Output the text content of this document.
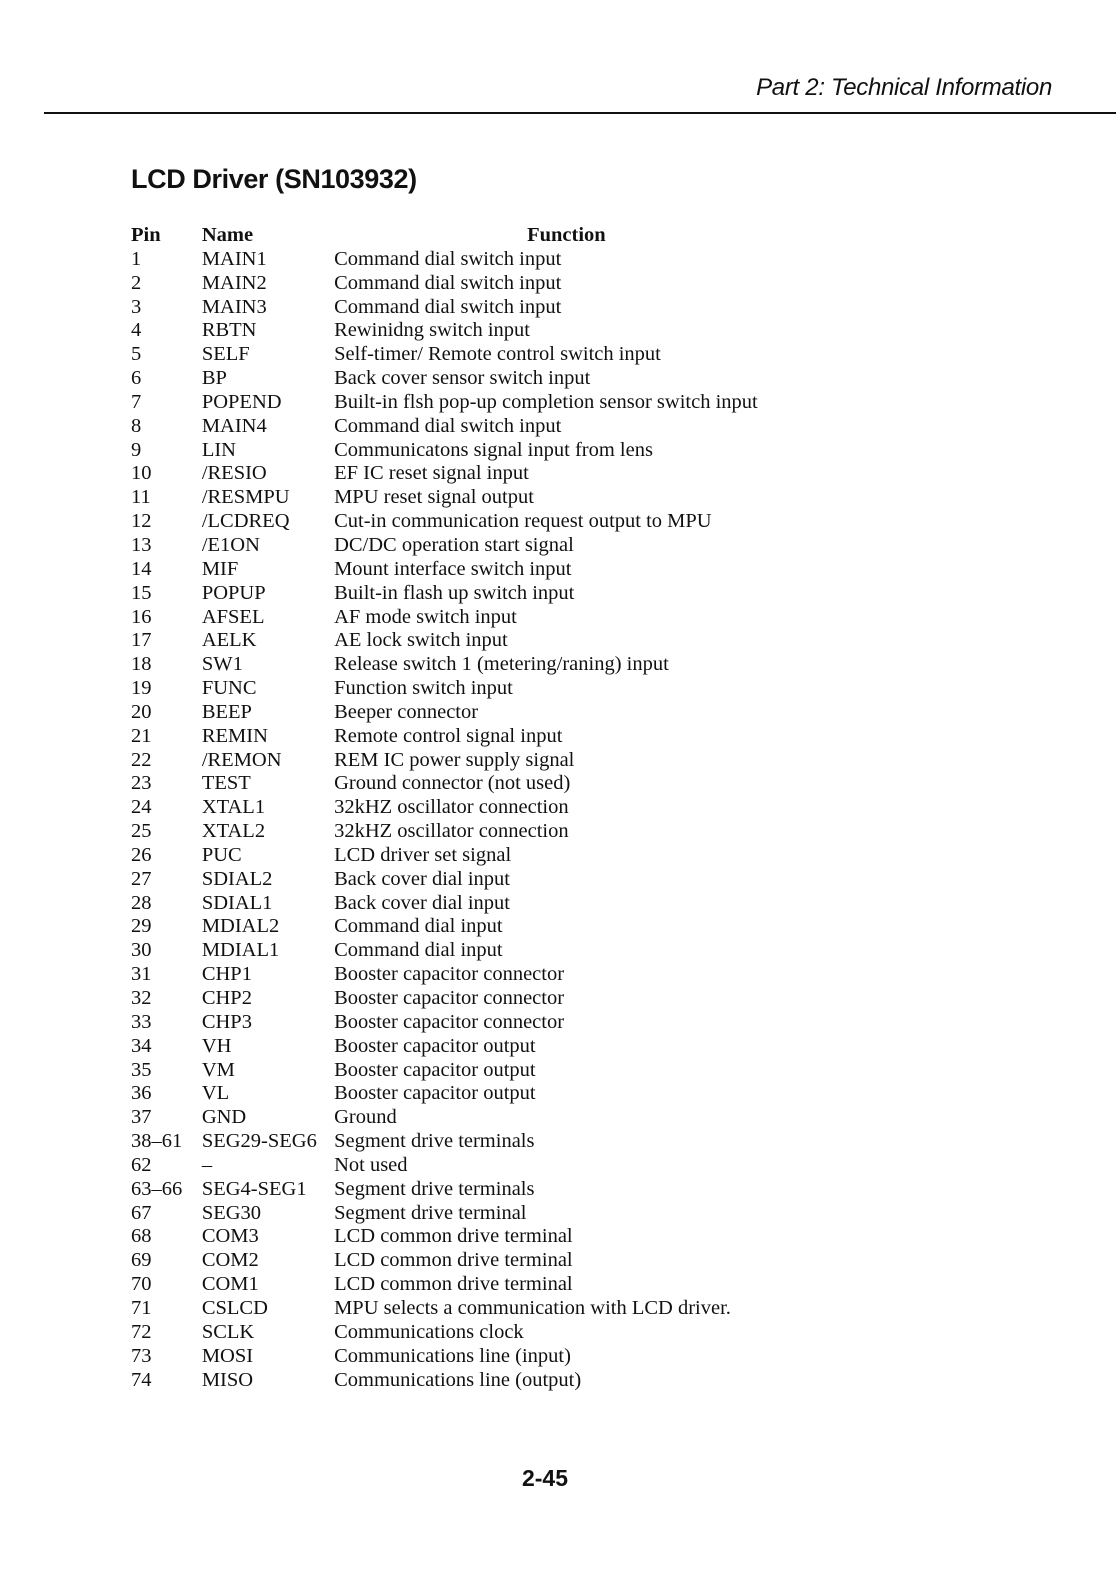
Part 2: Technical Information
LCD Driver (SN103932)
Pin	Name	Function
1	MAIN1	Command dial switch input
2	MAIN2	Command dial switch input
3	MAIN3	Command dial switch input
4	RBTN	Rewinidng switch input
5	SELF	Self-timer/ Remote control switch input
6	BP	Back cover sensor switch input
7	POPEND	Built-in flsh pop-up completion sensor switch input
8	MAIN4	Command dial switch input
9	LIN	Communicatons signal input from lens
10	/RESIO	EF IC reset signal input
11	/RESMPU	MPU reset signal output
12	/LCDREQ	Cut-in communication request output to MPU
13	/E1ON	DC/DC operation start signal
14	MIF	Mount interface switch input
15	POPUP	Built-in flash up switch input
16	AFSEL	AF mode switch input
17	AELK	AE lock switch input
18	SW1	Release switch 1 (metering/raning) input
19	FUNC	Function switch input
20	BEEP	Beeper connector
21	REMIN	Remote control signal input
22	/REMON	REM IC power supply signal
23	TEST	Ground connector (not used)
24	XTAL1	32kHZ oscillator connection
25	XTAL2	32kHZ oscillator connection
26	PUC	LCD driver set signal
27	SDIAL2	Back cover dial input
28	SDIAL1	Back cover dial input
29	MDIAL2	Command dial input
30	MDIAL1	Command dial input
31	CHP1	Booster capacitor connector
32	CHP2	Booster capacitor connector
33	CHP3	Booster capacitor connector
34	VH	Booster capacitor output
35	VM	Booster capacitor output
36	VL	Booster capacitor output
37	GND	Ground
38–61	SEG29-SEG6	Segment drive terminals
62	–	Not used
63–66	SEG4-SEG1	Segment drive terminals
67	SEG30	Segment drive terminal
68	COM3	LCD common drive terminal
69	COM2	LCD common drive terminal
70	COM1	LCD common drive terminal
71	CSLCD	MPU selects a communication with LCD driver.
72	SCLK	Communications clock
73	MOSI	Communications line (input)
74	MISO	Communications line (output)
2-45
